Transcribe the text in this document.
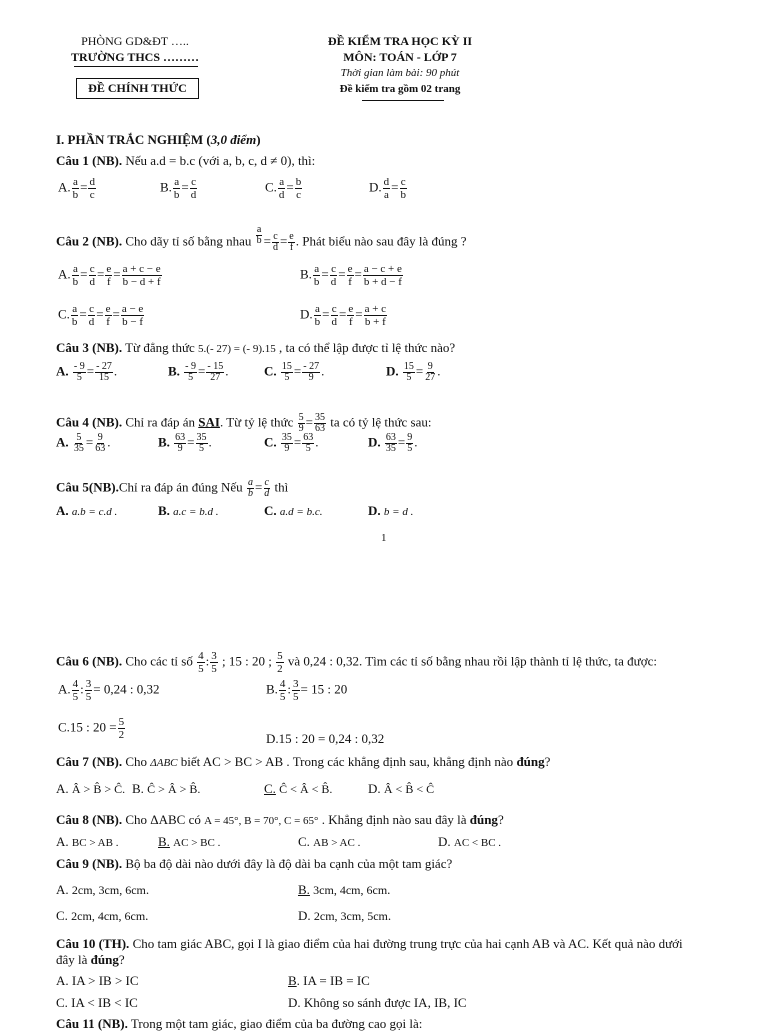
PHÒNG GD&ĐT …..
TRƯỜNG THCS ………
ĐỀ CHÍNH THỨC
ĐỀ KIỂM TRA HỌC KỲ II
MÔN: TOÁN - LỚP 7
Thời gian làm bài: 90 phút
Đề kiểm tra gồm 02 trang
I. PHẦN TRẮC NGHIỆM (3,0 điểm)
Câu 1 (NB). Nếu a.d = b.c (với a, b, c, d ≠ 0), thì:
A. $\frac{a}{b} = \frac{d}{c}$	B. $\frac{a}{b} = \frac{c}{d}$	C. $\frac{a}{d} = \frac{b}{c}$	D. $\frac{d}{a} = \frac{c}{b}$
Câu 2 (NB). Cho dãy tỉ số bằng nhau $\frac{a}{b} = \frac{c}{d} = \frac{e}{f}$ . Phát biểu nào sau đây là đúng ?
A. $\frac{a}{b} = \frac{c}{d} = \frac{e}{f} = \frac{a + c - e}{b - d + f}$	B. $\frac{a}{b} = \frac{c}{d} = \frac{e}{f} = \frac{a - c + e}{b + d - f}$
C. $\frac{a}{b} = \frac{c}{d} = \frac{e}{f} = \frac{a - e}{b - f}$	D. $\frac{a}{b} = \frac{c}{d} = \frac{e}{f} = \frac{a + c}{b + f}$
Câu 3 (NB). Từ đẳng thức 5.(- 27) = (- 9).15 , ta có thể lập được tỉ lệ thức nào?
A. $\frac{- 9}{5} = \frac{- 27}{15}$ .	B. $\frac{- 9}{5} = \frac{- 15}{27}$ .	C. $\frac{15}{5} = \frac{- 27}{9}$ .	D. $\frac{15}{5} = \frac{9}{27}$ .
Câu 4 (NB). Chỉ ra đáp án SAI. Từ tỷ lệ thức $\frac{5}{9} = \frac{35}{63}$ ta có tỷ lệ thức sau:
A. $\frac{5}{35} = \frac{9}{63}$ .	B. $\frac{63}{9} = \frac{35}{5}$ .	C. $\frac{35}{9} = \frac{63}{5}$ .	D. $\frac{63}{35} = \frac{9}{5}$ .
Câu 5(NB).Chỉ ra đáp án đúng Nếu $\frac{a}{b} = \frac{c}{d}$ thì
A. a.b = c.d .	B. a.c = b.d .	C. a.d = b.c.	D. b = d .
1
Câu 6 (NB). Cho các tỉ số $\frac{4}{5}$ : $\frac{3}{5}$ ; 15 : 20 ; $\frac{5}{2}$ và 0,24 : 0,32. Tìm các tỉ số bằng nhau rồi lập thành tỉ lệ thức, ta được:
A. $\frac{4}{5}$ : $\frac{3}{5} = 0,24$ : 0,32	B. $\frac{4}{5}$ : $\frac{3}{5} = 15$ : 20
C.15 : $20 = \frac{5}{2}$	D.15 : 20 = 0,24 : 0,32
Câu 7 (NB). Cho ΔABC biết AC > BC > AB . Trong các khẳng định sau, khẳng định nào đúng?
A. Â > B̂ > Ĉ. B. Ĉ > Â > B̂.	C. Ĉ < Â < B̂.	D. Â < B̂ < Ĉ
Câu 8 (NB). Cho ΔABC có A = 45°, B = 70°, C = 65° . Khẳng định nào sau đây là đúng?
A. BC > AB .	B. AC > BC .	C. AB > AC .	D. AC < BC .
Câu 9 (NB). Bộ ba độ dài nào dưới đây là độ dài ba cạnh của một tam giác?
A. 2cm, 3cm, 6cm.	B. 3cm, 4cm, 6cm.
C. 2cm, 4cm, 6cm.	D. 2cm, 3cm, 5cm.
Câu 10 (TH). Cho tam giác ABC, gọi I là giao điểm của hai đường trung trực của hai cạnh AB và AC. Kết quả nào dưới
đây là đúng?
A. IA > IB > IC	B. IA = IB = IC
C. IA < IB < IC	D. Không so sánh được IA, IB, IC
Câu 11 (NB). Trong một tam giác, giao điểm của ba đường cao gọi là:
